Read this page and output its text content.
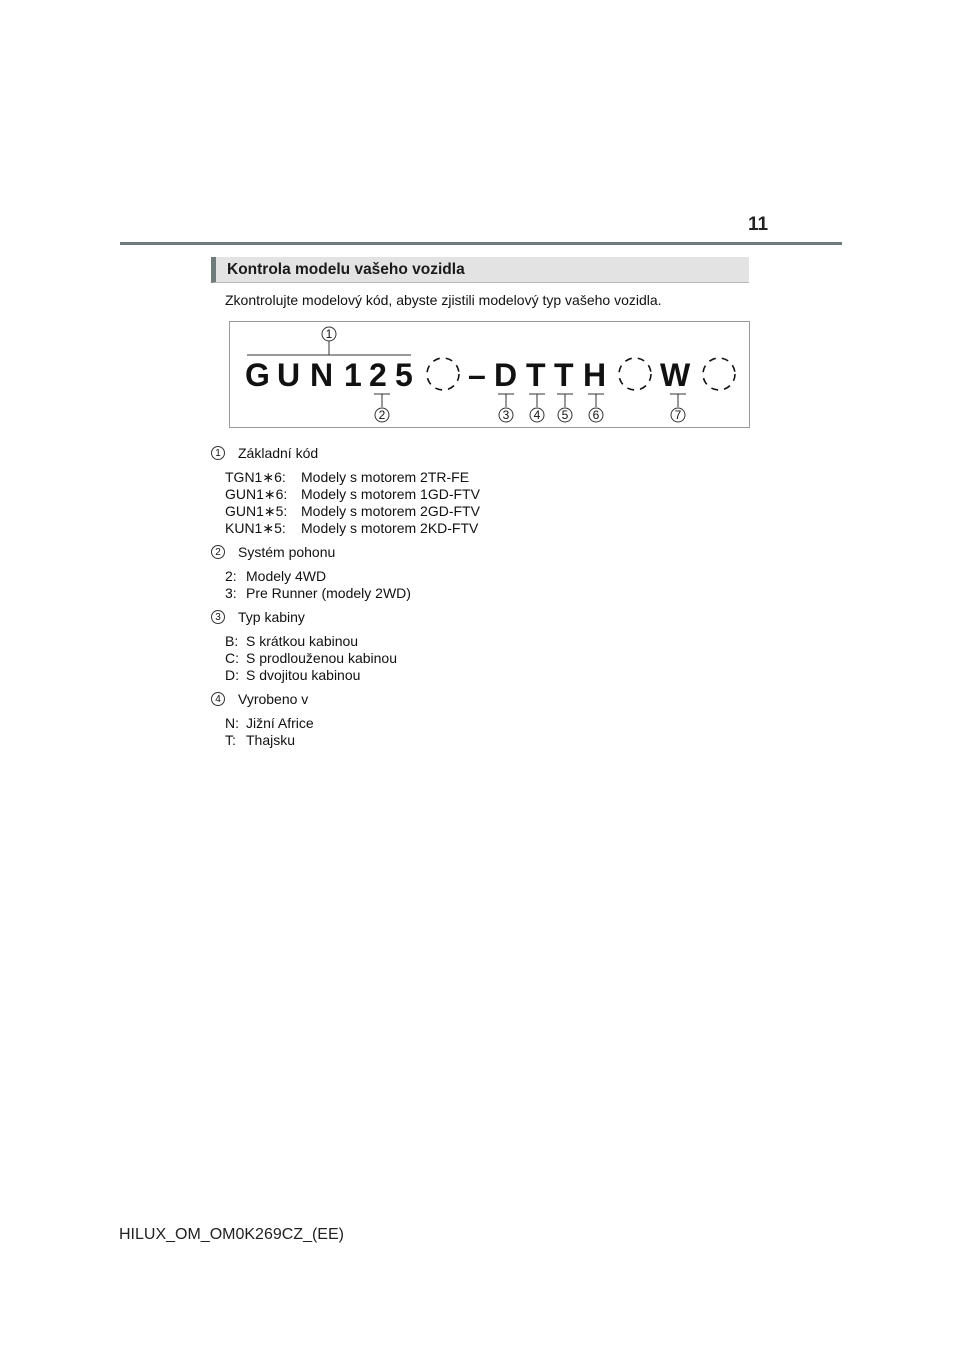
11
Kontrola modelu vašeho vozidla
Zkontrolujte modelový kód, abyste zjistili modelový typ vašeho vozidla.
1
G U N 1 2 5 – D T T H W
2	3 4 5 6	7
1	Základní kód
TGN1∗6:	Modely s motorem 2TR-FE
GUN1∗6: Modely s motorem 1GD-FTV
GUN1∗5: Modely s motorem 2GD-FTV
KUN1∗5:	Modely s motorem 2KD-FTV
2	Systém pohonu
2: Modely 4WD
3: Pre Runner (modely 2WD)
3	Typ kabiny
B: S krátkou kabinou
C: S prodlouženou kabinou
D: S dvojitou kabinou
4	Vyrobeno v
N: Jižní Africe
T: Thajsku
HILUX_OM_OM0K269CZ_(EE)
